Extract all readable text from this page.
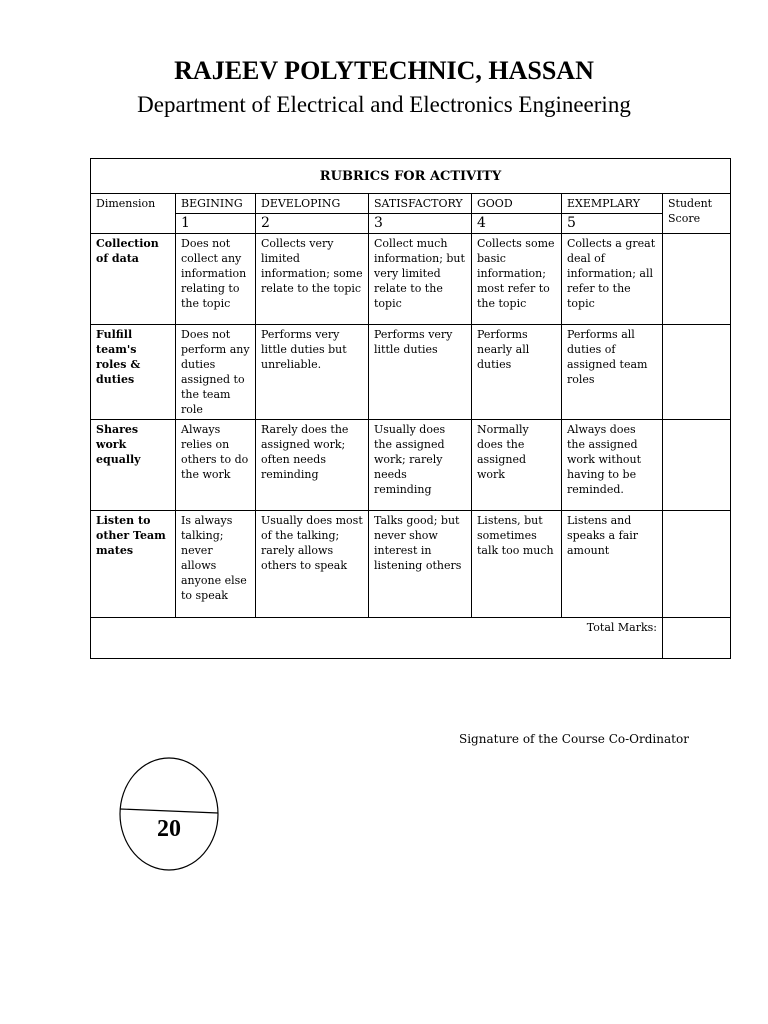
RAJEEV POLYTECHNIC, HASSAN
Department of Electrical and Electronics Engineering
RUBRICS FOR ACTIVITY						
Dimension	BEGINING	DEVELOPING	SATISFACTORY	GOOD	EXEMPLARY	Student Score
	1	2	3	4	5	
Collection of data	Does not collect any information relating to the topic	Collects very limited information; some relate to the topic	Collect much information; but very limited relate to the topic	Collects some basic information; most refer to the topic	Collects a great deal of information; all refer to the topic	
Fulfill team's roles & duties	Does not perform any duties assigned to the team role	Performs very little duties but unreliable.	Performs very little duties	Performs nearly all duties	Performs all duties of assigned team roles	
Shares work equally	Always relies on others to do the work	Rarely does the assigned work; often needs reminding	Usually does the assigned work; rarely needs reminding	Normally does the assigned work	Always does the assigned work without having to be reminded.	
Listen to other Team mates	Is always talking; never allows anyone else to speak	Usually does most of the talking; rarely allows others to speak	Talks good; but never show interest in listening others	Listens, but sometimes talk too much	Listens and speaks a fair amount	
Total Marks:						
Signature of the Course Co-Ordinator
20
